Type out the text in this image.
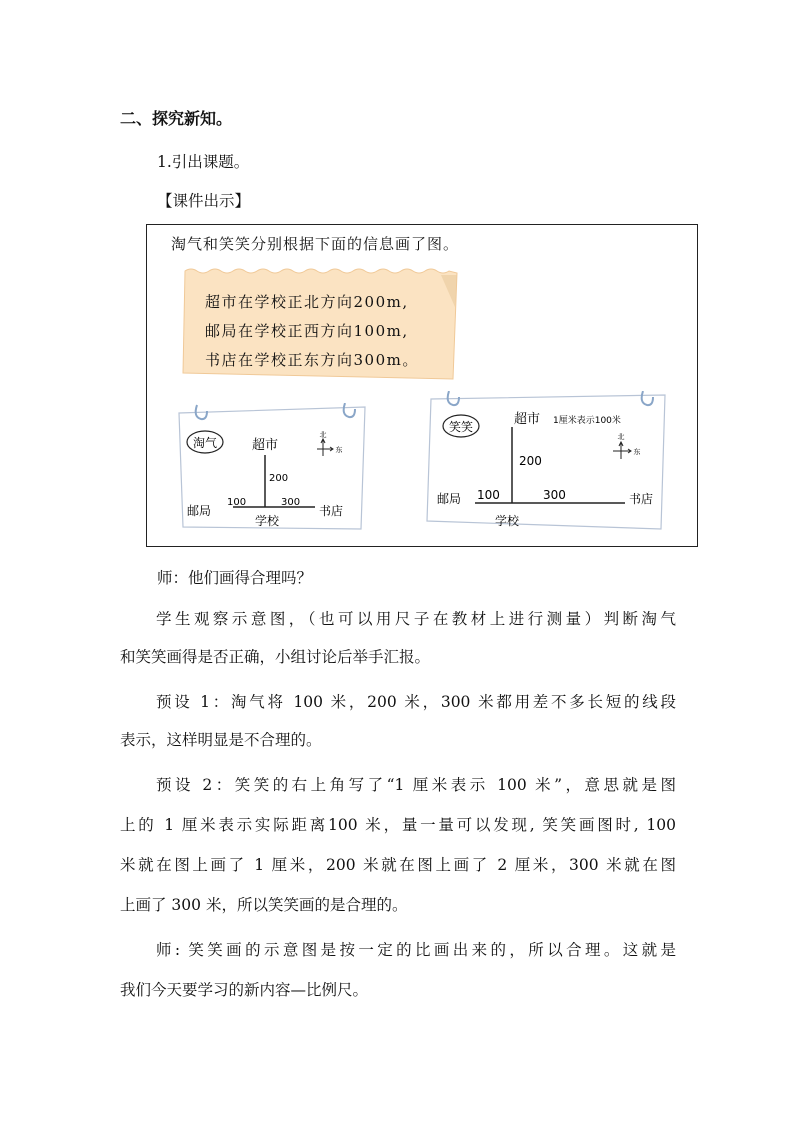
二、探究新知。
1.引出课题。
【课件出示】
淘气和笑笑分别根据下面的信息画了图。
超市在学校正北方向200m,
邮局在学校正西方向100m,
书店在学校正东方向300m。
淘气	超市
200
100	300
邮局	书店
学校
北
东
笑笑	超市 1厘米表示100米
200
100	300
邮局	书店
学校
北
东
师：他们画得合理吗？
学生观察示意图，（也可以用尺子在教材上进行测量）判断淘气
和笑笑画得是否正确，小组讨论后举手汇报。
预设 1：淘气将 100 米，200 米，300 米都用差不多长短的线段
表示，这样明显是不合理的。
预设 2：笑笑的右上角写了“1 厘米表示 100 米”，意思就是图
上的 1 厘米表示实际距离100 米，量一量可以发现, 笑笑画图时, 100
米就在图上画了 1 厘米，200 米就在图上画了 2 厘米，300 米就在图
上画了 300 米，所以笑笑画的是合理的。
师: 笑笑画的示意图是按一定的比画出来的，所以合理。这就是
我们今天要学习的新内容—比例尺。
